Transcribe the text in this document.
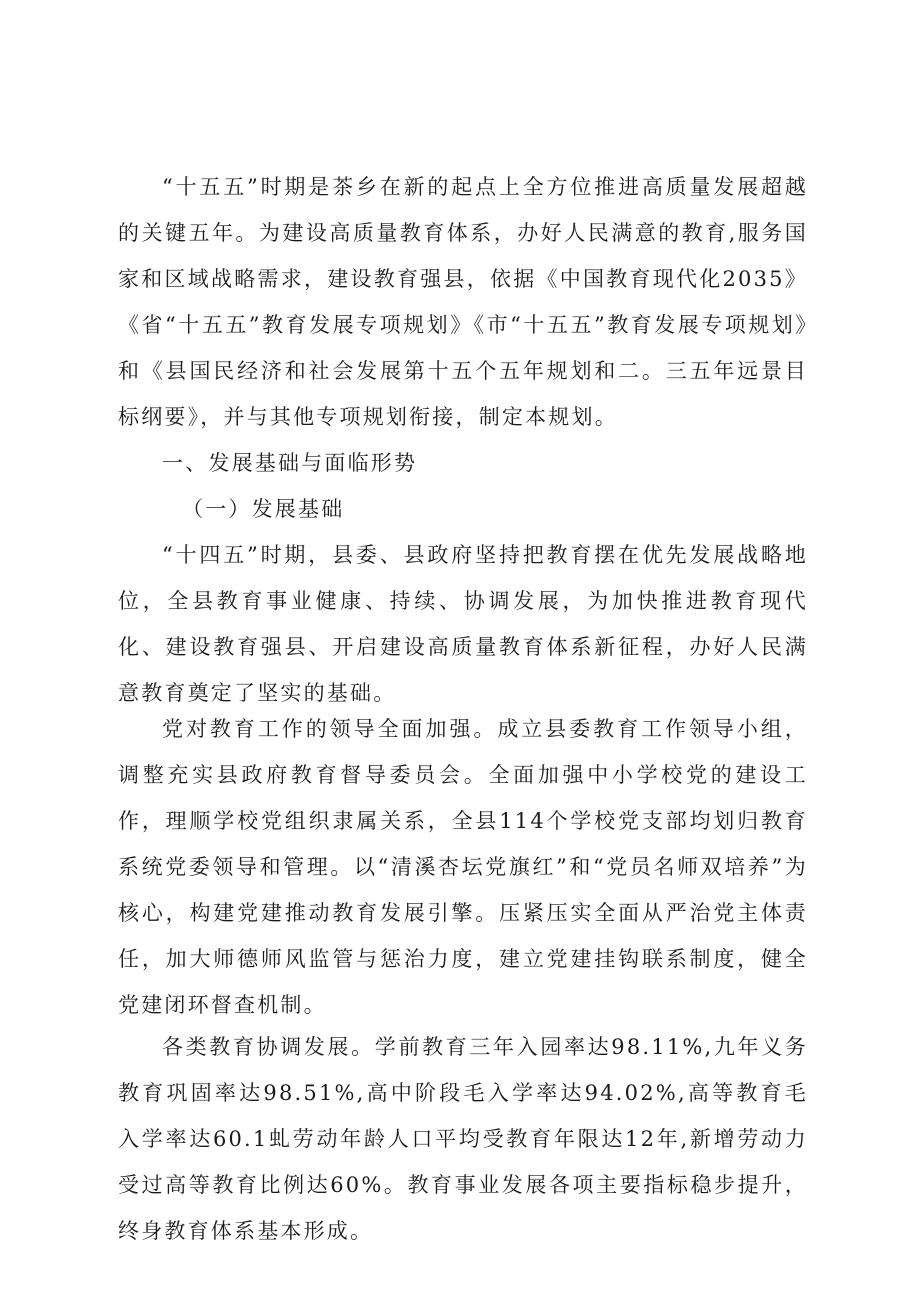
“十五五”时期是茶乡在新的起点上全方位推进高质量发展超越的关键五年。为建设高质量教育体系，办好人民满意的教育,服务国家和区域战略需求，建设教育强县，依据《中国教育现代化2035》《省“十五五”教育发展专项规划》《市“十五五”教育发展专项规划》和《县国民经济和社会发展第十五个五年规划和二。三五年远景目标纲要》，并与其他专项规划衔接，制定本规划。

一、发展基础与面临形势

（一）发展基础

“十四五”时期，县委、县政府坚持把教育摆在优先发展战略地位，全县教育事业健康、持续、协调发展，为加快推进教育现代化、建设教育强县、开启建设高质量教育体系新征程，办好人民满意教育奠定了坚实的基础。

党对教育工作的领导全面加强。成立县委教育工作领导小组，调整充实县政府教育督导委员会。全面加强中小学校党的建设工作，理顺学校党组织隶属关系，全县114个学校党支部均划归教育系统党委领导和管理。以“清溪杏坛党旗红”和“党员名师双培养”为核心，构建党建推动教育发展引擎。压紧压实全面从严治党主体责任，加大师德师风监管与惩治力度，建立党建挂钩联系制度，健全党建闭环督查机制。

各类教育协调发展。学前教育三年入园率达98.11%,九年义务教育巩固率达98.51%,高中阶段毛入学率达94.02%,高等教育毛入学率达60.1虬劳动年龄人口平均受教育年限达12年,新增劳动力受过高等教育比例达60%。教育事业发展各项主要指标稳步提升，终身教育体系基本形成。
